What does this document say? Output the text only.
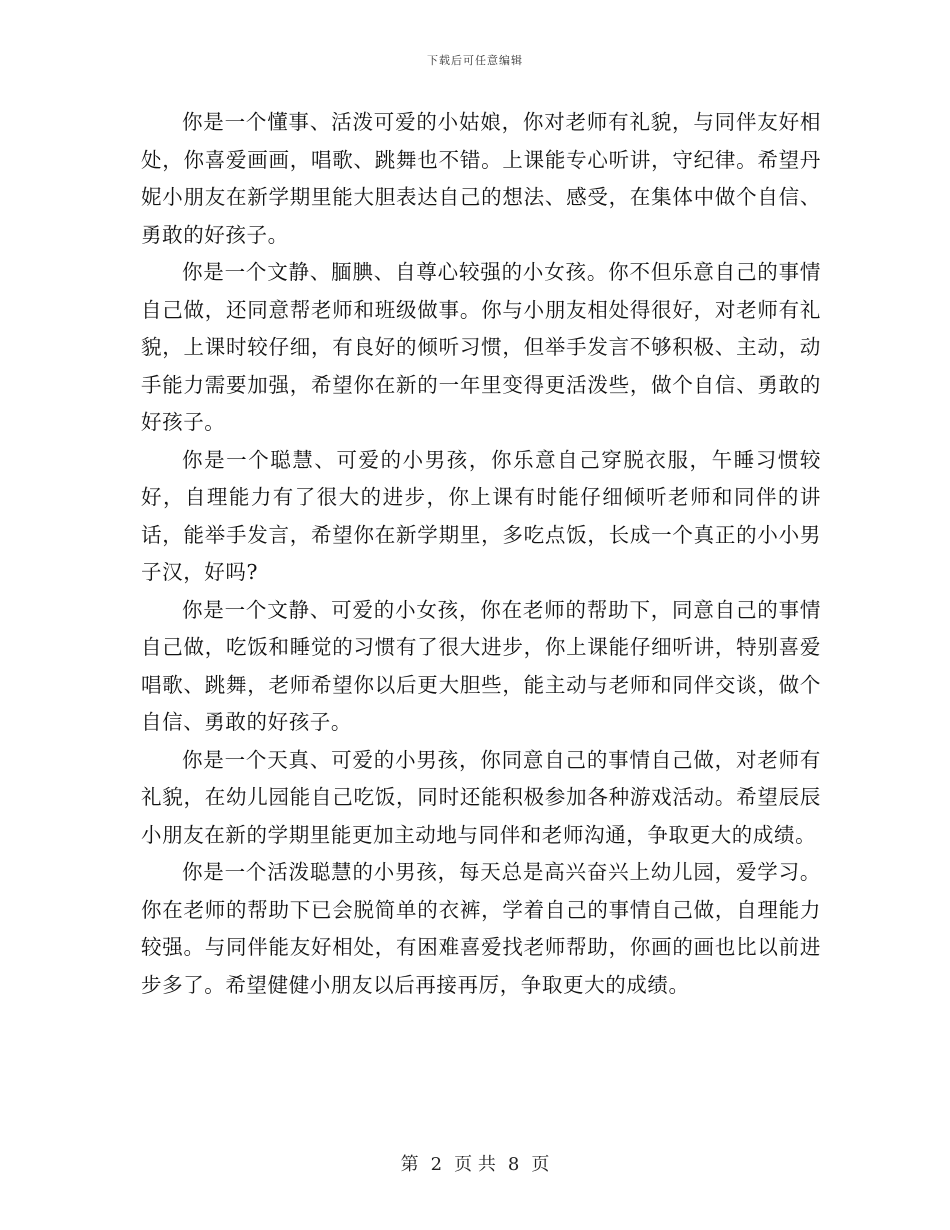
下载后可任意编辑

你是一个懂事、活泼可爱的小姑娘，你对老师有礼貌，与同伴友好相处，你喜爱画画，唱歌、跳舞也不错。上课能专心听讲，守纪律。希望丹妮小朋友在新学期里能大胆表达自己的想法、感受，在集体中做个自信、勇敢的好孩子。

你是一个文静、腼腆、自尊心较强的小女孩。你不但乐意自己的事情自己做，还同意帮老师和班级做事。你与小朋友相处得很好，对老师有礼貌，上课时较仔细，有良好的倾听习惯，但举手发言不够积极、主动，动手能力需要加强，希望你在新的一年里变得更活泼些，做个自信、勇敢的好孩子。

你是一个聪慧、可爱的小男孩，你乐意自己穿脱衣服，午睡习惯较好，自理能力有了很大的进步，你上课有时能仔细倾听老师和同伴的讲话，能举手发言，希望你在新学期里，多吃点饭，长成一个真正的小小男子汉，好吗?

你是一个文静、可爱的小女孩，你在老师的帮助下，同意自己的事情自己做，吃饭和睡觉的习惯有了很大进步，你上课能仔细听讲，特别喜爱唱歌、跳舞，老师希望你以后更大胆些，能主动与老师和同伴交谈，做个自信、勇敢的好孩子。

你是一个天真、可爱的小男孩，你同意自己的事情自己做，对老师有礼貌，在幼儿园能自己吃饭，同时还能积极参加各种游戏活动。希望辰辰小朋友在新的学期里能更加主动地与同伴和老师沟通，争取更大的成绩。

你是一个活泼聪慧的小男孩，每天总是高兴奋兴上幼儿园，爱学习。你在老师的帮助下已会脱简单的衣裤，学着自己的事情自己做，自理能力较强。与同伴能友好相处，有困难喜爱找老师帮助，你画的画也比以前进步多了。希望健健小朋友以后再接再厉，争取更大的成绩。

第 2 页 共 8 页
